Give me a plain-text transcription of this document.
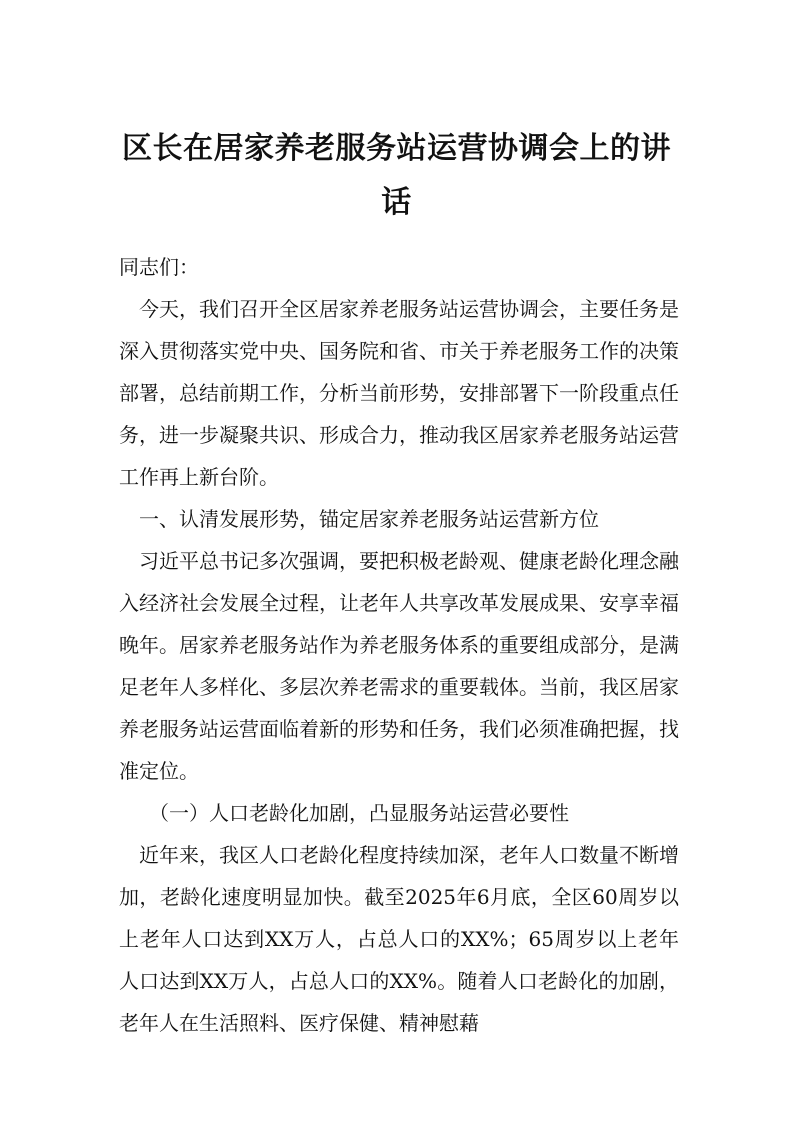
区长在居家养老服务站运营协调会上的讲话

同志们：

今天，我们召开全区居家养老服务站运营协调会，主要任务是深入贯彻落实党中央、国务院和省、市关于养老服务工作的决策部署，总结前期工作，分析当前形势，安排部署下一阶段重点任务，进一步凝聚共识、形成合力，推动我区居家养老服务站运营工作再上新台阶。

一、认清发展形势，锚定居家养老服务站运营新方位

习近平总书记多次强调，要把积极老龄观、健康老龄化理念融入经济社会发展全过程，让老年人共享改革发展成果、安享幸福晚年。居家养老服务站作为养老服务体系的重要组成部分，是满足老年人多样化、多层次养老需求的重要载体。当前，我区居家养老服务站运营面临着新的形势和任务，我们必须准确把握，找准定位。

（一）人口老龄化加剧，凸显服务站运营必要性

近年来，我区人口老龄化程度持续加深，老年人口数量不断增加，老龄化速度明显加快。截至2025年6月底，全区60周岁以上老年人口达到XX万人，占总人口的XX%；65周岁以上老年人口达到XX万人，占总人口的XX%。随着人口老龄化的加剧，老年人在生活照料、医疗保健、精神慰藉
